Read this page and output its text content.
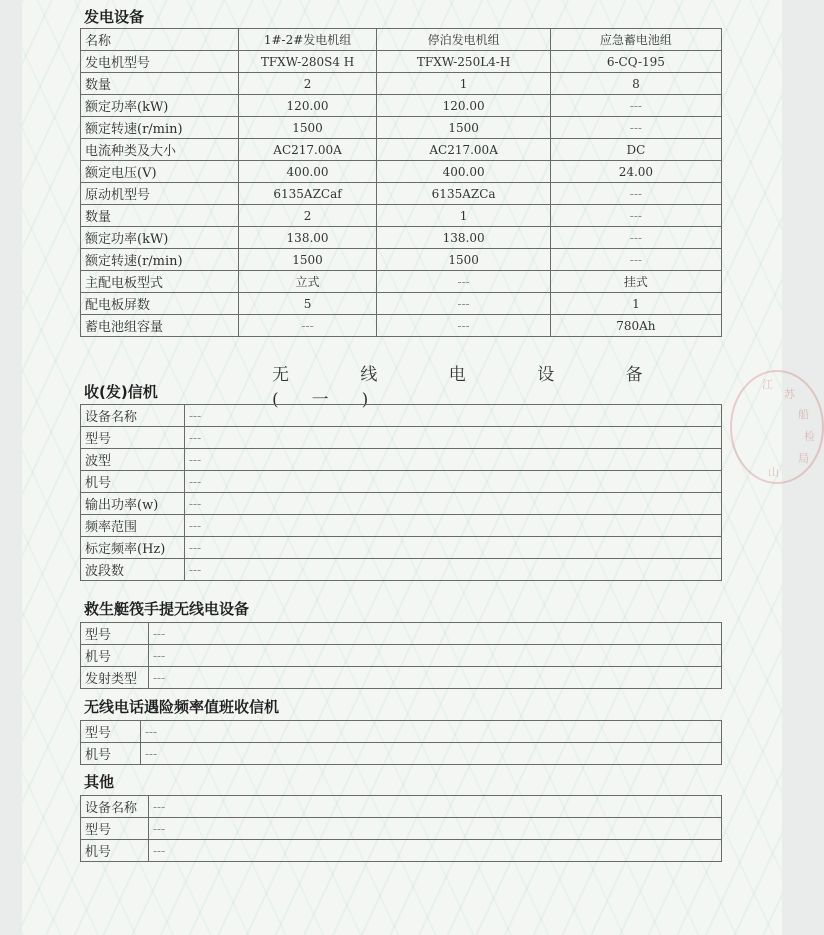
发电设备
名称	1#-2#发电机组	停泊发电机组	应急蓄电池组
发电机型号	TFXW-280S4 H	TFXW-250L4-H	6-CQ-195
数量	2	1	8
额定功率(kW)	120.00	120.00	---
额定转速(r/min)	1500	1500	---
电流种类及大小	AC217.00A	AC217.00A	DC
额定电压(V)	400.00	400.00	24.00
原动机型号	6135AZCaf	6135AZCa	---
数量	2	1	---
额定功率(kW)	138.00	138.00	---
额定转速(r/min)	1500	1500	---
主配电板型式	立式	---	挂式
配电板屏数	5	---	1
蓄电池组容量	---	---	780Ah
无 线 电 设 备(一)
收(发)信机
设备名称	---
型号	---
波型	---
机号	---
输出功率(w)	---
频率范围	---
标定频率(Hz)	---
波段数	---
救生艇筏手提无线电设备
型号	---
机号	---
发射类型	---
无线电话遇险频率值班收信机
型号	---
机号	---
其他
设备名称	---
型号	---
机号	---
江
苏
船
检
局
山
